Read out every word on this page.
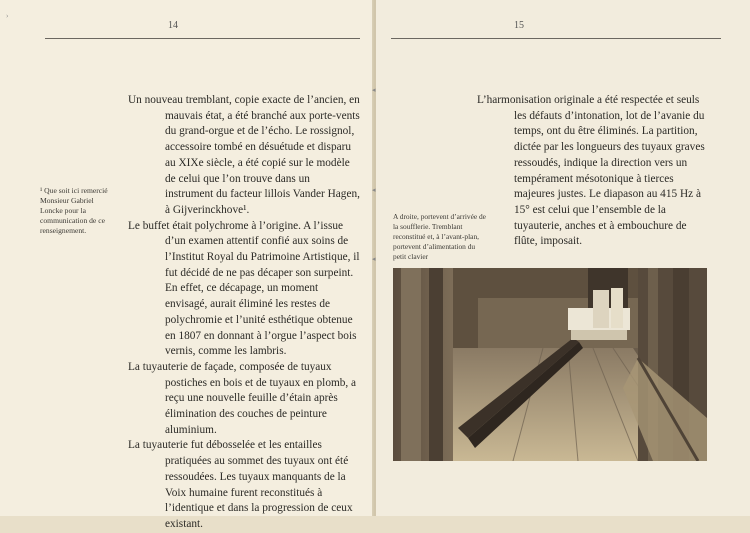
›
14
¹ Que soit ici remercié Monsieur Gabriel Loncke pour la communication de ce renseignement.

Un nouveau tremblant, copie exacte de l’ancien, en mauvais état, a été branché aux porte-vents du grand-orgue et de l’écho. Le rossignol, accessoire tombé en désuétude et disparu au XIXe siècle, a été copié sur le modèle de celui que l’on trouve dans un instrument du facteur lillois Vander Hagen, à Gijverinckhove¹.

Le buffet était polychrome à l’origine. A l’issue d’un examen attentif confié aux soins de l’Institut Royal du Patrimoine Artistique, il fut décidé de ne pas décaper son surpeint. En effet, ce décapage, un moment envisagé, aurait éliminé les restes de polychromie et l’unité esthétique obtenue en 1807 en donnant à l’orgue l’aspect bois vernis, comme les lambris.

La tuyauterie de façade, composée de tuyaux postiches en bois et de tuyaux en plomb, a reçu une nouvelle feuille d’étain après élimination des couches de peinture aluminium.

La tuyauterie fut débosselée et les entailles pratiquées au sommet des tuyaux ont été ressoudées. Les tuyaux manquants de la Voix humaine furent reconstitués à l’identique et dans la progression de ceux existant.

15
◂
◂
◂

L’harmonisation originale a été respectée et seuls les défauts d’intonation, lot de l’avanie du temps, ont du être éliminés. La partition, dictée par les longueurs des tuyaux graves ressoudés, indique la direction vers un tempérament mésotonique à tierces majeures justes. Le diapason au 415 Hz à 15° est celui que l’ensemble de la tuyauterie, anches et à embouchure de flûte, imposait.

A droite, portevent d’arrivée de la soufflerie. Tremblant reconstitué et, à l’avant-plan, portevent d’alimentation du petit clavier
